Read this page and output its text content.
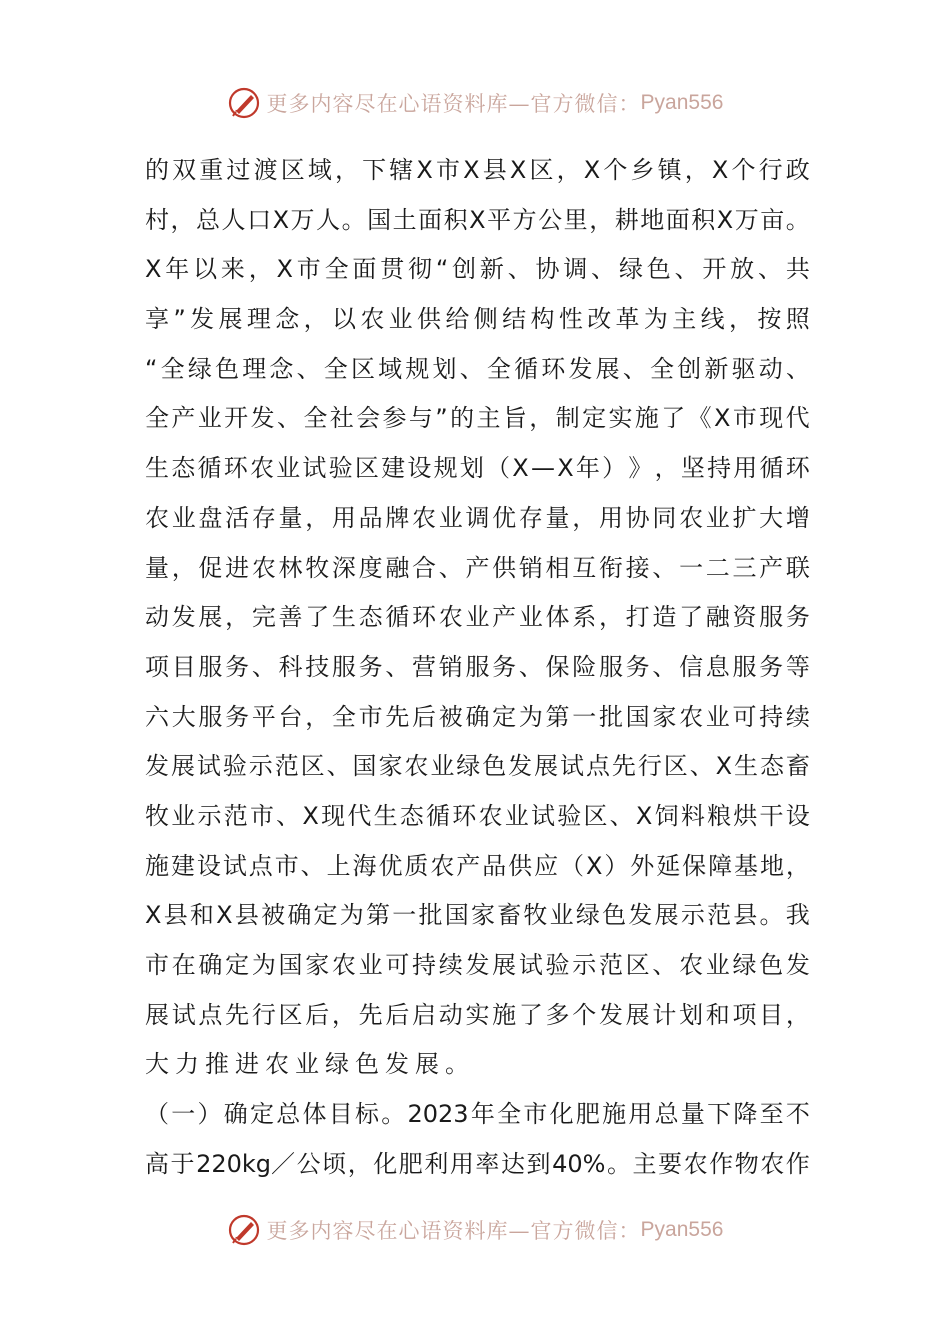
更多内容尽在心语资料库—官方微信： Pyan556
的 双 重 过 渡 区 域 ， 下 辖 X 市 X 县 X 区 ， X 个 乡 镇 ， X 个 行 政
村 ， 总 人 口 X 万 人 。 国 土 面 积 X 平 方 公 里 ， 耕 地 面 积 X 万 亩 。
X 年 以 来 ， X 市 全 面 贯 彻 “ 创 新 、 协 调 、 绿 色 、 开 放 、 共
享 ” 发 展 理 念 ， 以 农 业 供 给 侧 结 构 性 改 革 为 主 线 ， 按 照
“ 全 绿 色 理 念 、 全 区 域 规 划 、 全 循 环 发 展 、 全 创 新 驱 动 、
全 产 业 开 发 、 全 社 会 参 与 ” 的 主 旨 ， 制 定 实 施 了 《 X 市 现 代
生 态 循 环 农 业 试 验 区 建 设 规 划 （ X — X 年 ） 》 ， 坚 持 用 循 环
农 业 盘 活 存 量 ， 用 品 牌 农 业 调 优 存 量 ， 用 协 同 农 业 扩 大 增
量 ， 促 进 农 林 牧 深 度 融 合 、 产 供 销 相 互 衔 接 、 一 二 三 产 联
动 发 展 ， 完 善 了 生 态 循 环 农 业 产 业 体 系 ， 打 造 了 融 资 服 务
项 目 服 务 、 科 技 服 务 、 营 销 服 务 、 保 险 服 务 、 信 息 服 务 等
六 大 服 务 平 台 ， 全 市 先 后 被 确 定 为 第 一 批 国 家 农 业 可 持 续
发 展 试 验 示 范 区 、 国 家 农 业 绿 色 发 展 试 点 先 行 区 、 X 生 态 畜
牧 业 示 范 市 、 X 现 代 生 态 循 环 农 业 试 验 区 、 X 饲 料 粮 烘 干 设
施 建 设 试 点 市 、 上 海 优 质 农 产 品 供 应 （ X ） 外 延 保 障 基 地 ，
X 县 和 X 县 被 确 定 为 第 一 批 国 家 畜 牧 业 绿 色 发 展 示 范 县 。 我
市 在 确 定 为 国 家 农 业 可 持 续 发 展 试 验 示 范 区 、 农 业 绿 色 发
展 试 点 先 行 区 后 ， 先 后 启 动 实 施 了 多 个 发 展 计 划 和 项 目 ，
大力推进农业绿色发展。
（ 一 ） 确 定 总 体 目 标 。 2023 年 全 市 化 肥 施 用 总 量 下 降 至 不
高 于 220kg／ 公 顷 ， 化 肥 利 用 率 达 到 40% 。 主 要 农 作 物 农 作
更多内容尽在心语资料库—官方微信： Pyan556
